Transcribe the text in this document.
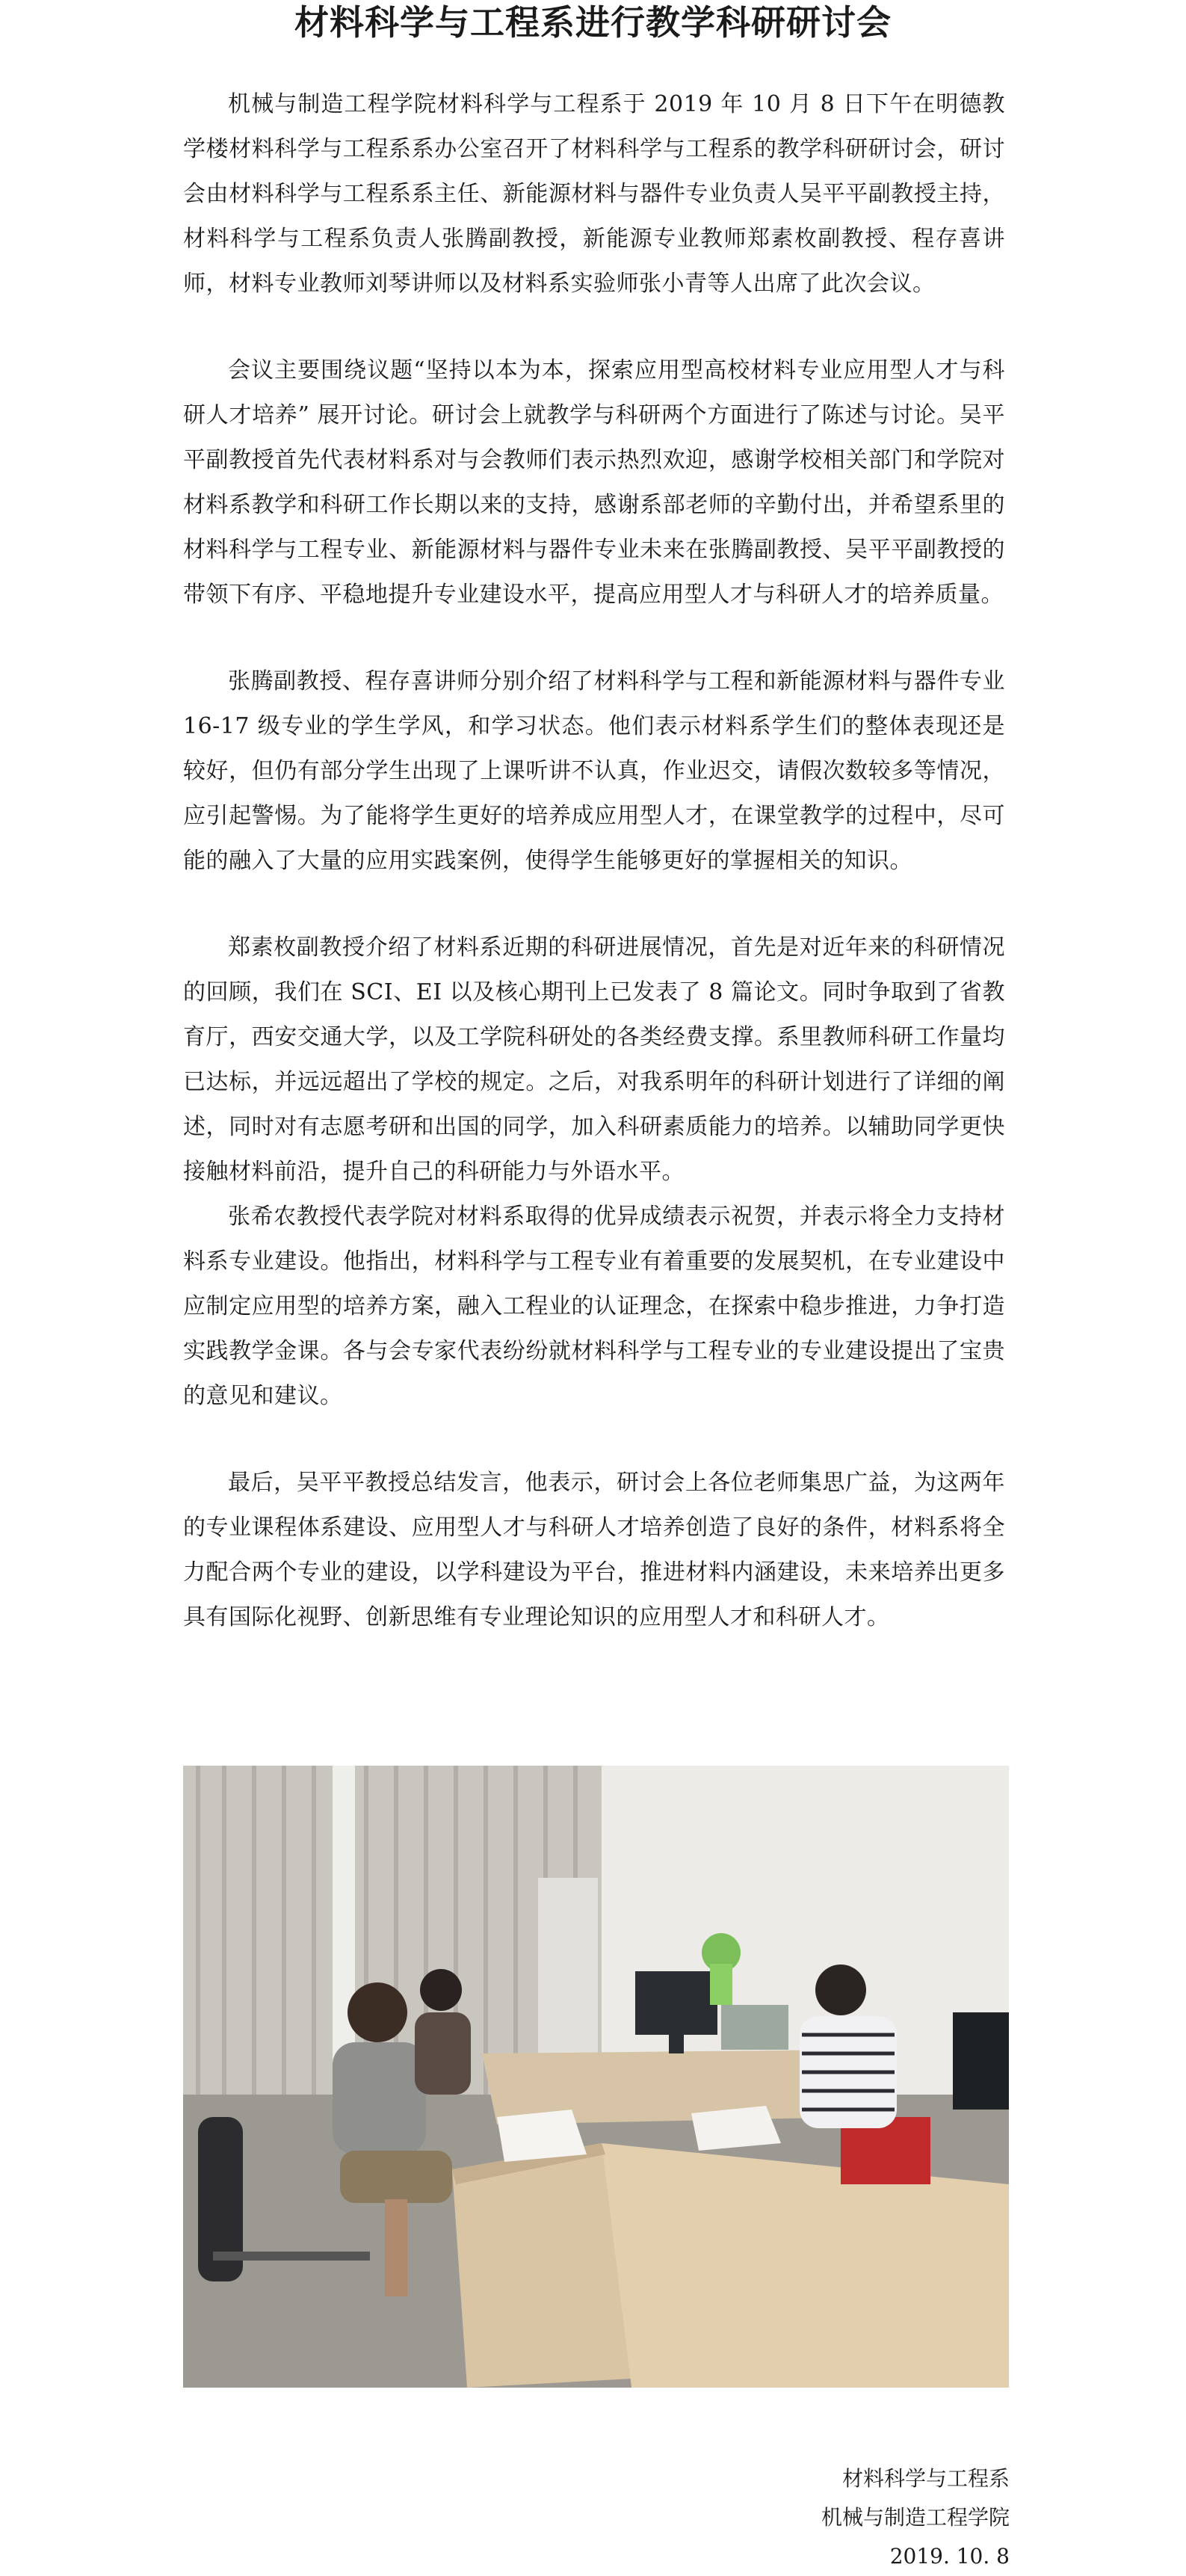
材料科学与工程系进行教学科研研讨会

机械与制造工程学院材料科学与工程系于 2019 年 10 月 8 日下午在明德教学楼材料科学与工程系系办公室召开了材料科学与工程系的教学科研研讨会，研讨会由材料科学与工程系系主任、新能源材料与器件专业负责人吴平平副教授主持，材料科学与工程系负责人张腾副教授，新能源专业教师郑素枚副教授、程存喜讲师，材料专业教师刘琴讲师以及材料系实验师张小青等人出席了此次会议。

会议主要围绕议题“坚持以本为本，探索应用型高校材料专业应用型人才与科研人才培养” 展开讨论。研讨会上就教学与科研两个方面进行了陈述与讨论。吴平平副教授首先代表材料系对与会教师们表示热烈欢迎，感谢学校相关部门和学院对材料系教学和科研工作长期以来的支持，感谢系部老师的辛勤付出，并希望系里的材料科学与工程专业、新能源材料与器件专业未来在张腾副教授、吴平平副教授的带领下有序、平稳地提升专业建设水平，提高应用型人才与科研人才的培养质量。

张腾副教授、程存喜讲师分别介绍了材料科学与工程和新能源材料与器件专业 16-17 级专业的学生学风，和学习状态。他们表示材料系学生们的整体表现还是较好，但仍有部分学生出现了上课听讲不认真，作业迟交，请假次数较多等情况，应引起警惕。为了能将学生更好的培养成应用型人才，在课堂教学的过程中，尽可能的融入了大量的应用实践案例，使得学生能够更好的掌握相关的知识。

郑素枚副教授介绍了材料系近期的科研进展情况，首先是对近年来的科研情况的回顾，我们在 SCI、EI 以及核心期刊上已发表了 8 篇论文。同时争取到了省教育厅，西安交通大学，以及工学院科研处的各类经费支撑。系里教师科研工作量均已达标，并远远超出了学校的规定。之后，对我系明年的科研计划进行了详细的阐述，同时对有志愿考研和出国的同学，加入科研素质能力的培养。以辅助同学更快接触材料前沿，提升自己的科研能力与外语水平。

张希农教授代表学院对材料系取得的优异成绩表示祝贺，并表示将全力支持材料系专业建设。他指出，材料科学与工程专业有着重要的发展契机，在专业建设中应制定应用型的培养方案，融入工程业的认证理念，在探索中稳步推进，力争打造实践教学金课。各与会专家代表纷纷就材料科学与工程专业的专业建设提出了宝贵的意见和建议。

最后，吴平平教授总结发言，他表示，研讨会上各位老师集思广益，为这两年的专业课程体系建设、应用型人才与科研人才培养创造了良好的条件，材料系将全力配合两个专业的建设，以学科建设为平台，推进材料内涵建设，未来培养出更多具有国际化视野、创新思维有专业理论知识的应用型人才和科研人才。

材料科学与工程系
机械与制造工程学院
2019. 10. 8
